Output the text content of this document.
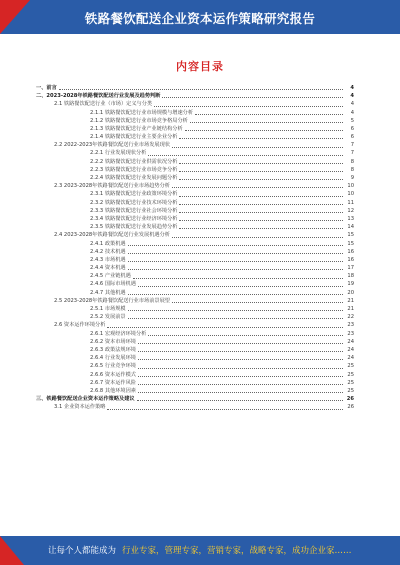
铁路餐饮配送企业资本运作策略研究报告
内容目录
一、前言	4
二、2023-2028年铁路餐饮配送行业发展及趋势判断	4
2.1 铁路餐饮配送行业（市场）定义与分类	4
2.1.1 铁路餐饮配送行业市场规模与增速分析	4
2.1.2 铁路餐饮配送行业市场竞争格局分析	5
2.1.3 铁路餐饮配送行业产业链结构分析	6
2.1.4 铁路餐饮配送行业主要企业分析	6
2.2 2022-2023年铁路餐饮配送行业市场发展现状	7
2.2.1 行业发展现状分析	7
2.2.2 铁路餐饮配送行业供需状况分析	8
2.2.3 铁路餐饮配送行业市场竞争分析	8
2.2.4 铁路餐饮配送行业发展问题分析	9
2.3 2023-2028年铁路餐饮配送行业市场趋势分析	10
2.3.1 铁路餐饮配送行业政策环境分析	10
2.3.2 铁路餐饮配送行业技术环境分析	11
2.3.3 铁路餐饮配送行业社会环境分析	12
2.3.4 铁路餐饮配送行业经济环境分析	13
2.3.5 铁路餐饮配送行业发展趋势分析	14
2.4 2023-2028年铁路餐饮配送行业发展机遇分析	15
2.4.1 政策机遇	15
2.4.2 技术机遇	16
2.4.3 市场机遇	16
2.4.4 资本机遇	17
2.4.5 产业链机遇	18
2.4.6 国际市场机遇	19
2.4.7 其他机遇	20
2.5 2023-2028年铁路餐饮配送行业市场前景展望	21
2.5.1 市场规模	21
2.5.2 发展前景	22
2.6 资本运作环境分析	23
2.6.1 宏观经济环境分析	23
2.6.2 资本市场环境	24
2.6.3 政策法规环境	24
2.6.4 行业发展环境	24
2.6.5 行业竞争环境	25
2.6.6 资本运作模式	25
2.6.7 资本运作风险	25
2.6.8 其他环境因素	25
三、铁路餐饮配送企业资本运作策略及建议	26
3.1 企业资本运作策略	26
让每个人都能成为 行业专家，管理专家，营销专家，战略专家，成功企业家……
